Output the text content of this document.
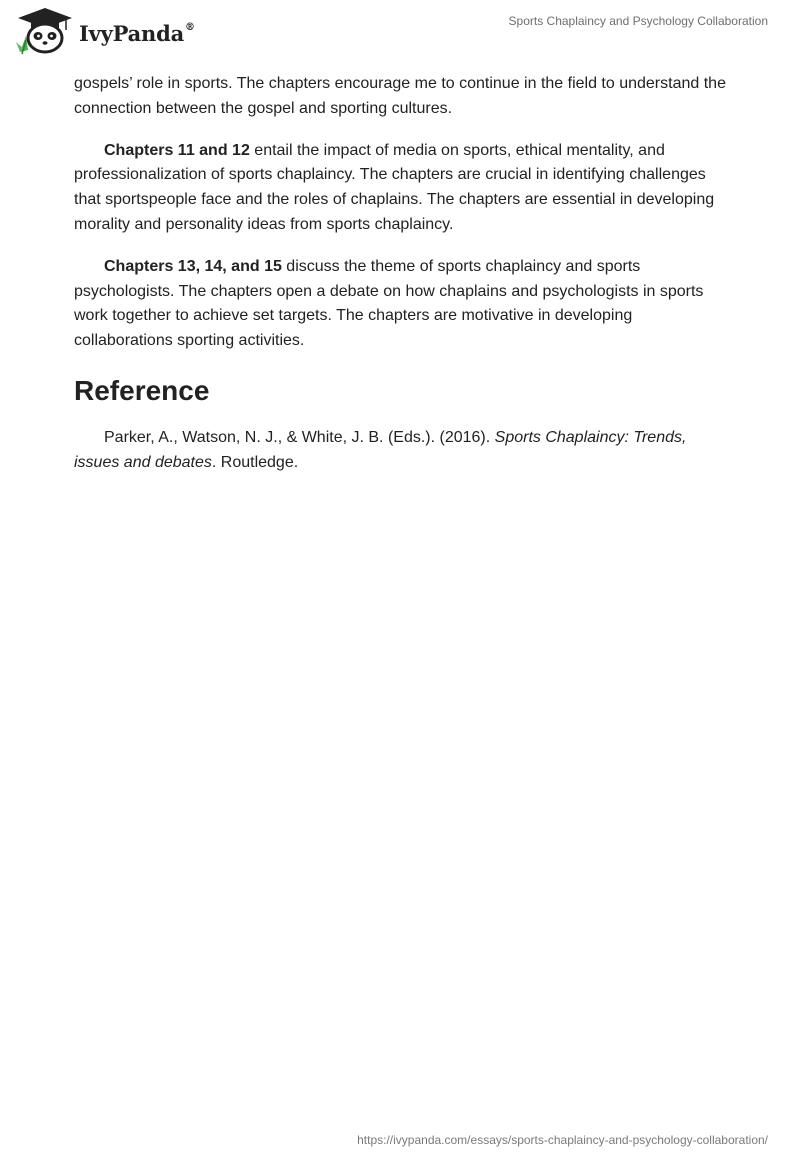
IvyPanda®	Sports Chaplaincy and Psychology Collaboration

gospels’ role in sports. The chapters encourage me to continue in the field to understand the connection between the gospel and sporting cultures.

Chapters 11 and 12 entail the impact of media on sports, ethical mentality, and professionalization of sports chaplaincy. The chapters are crucial in identifying challenges that sportspeople face and the roles of chaplains. The chapters are essential in developing morality and personality ideas from sports chaplaincy.

Chapters 13, 14, and 15 discuss the theme of sports chaplaincy and sports psychologists. The chapters open a debate on how chaplains and psychologists in sports work together to achieve set targets. The chapters are motivative in developing collaborations sporting activities.

Reference

Parker, A., Watson, N. J., & White, J. B. (Eds.). (2016). Sports Chaplaincy: Trends, issues and debates. Routledge.

https://ivypanda.com/essays/sports-chaplaincy-and-psychology-collaboration/
